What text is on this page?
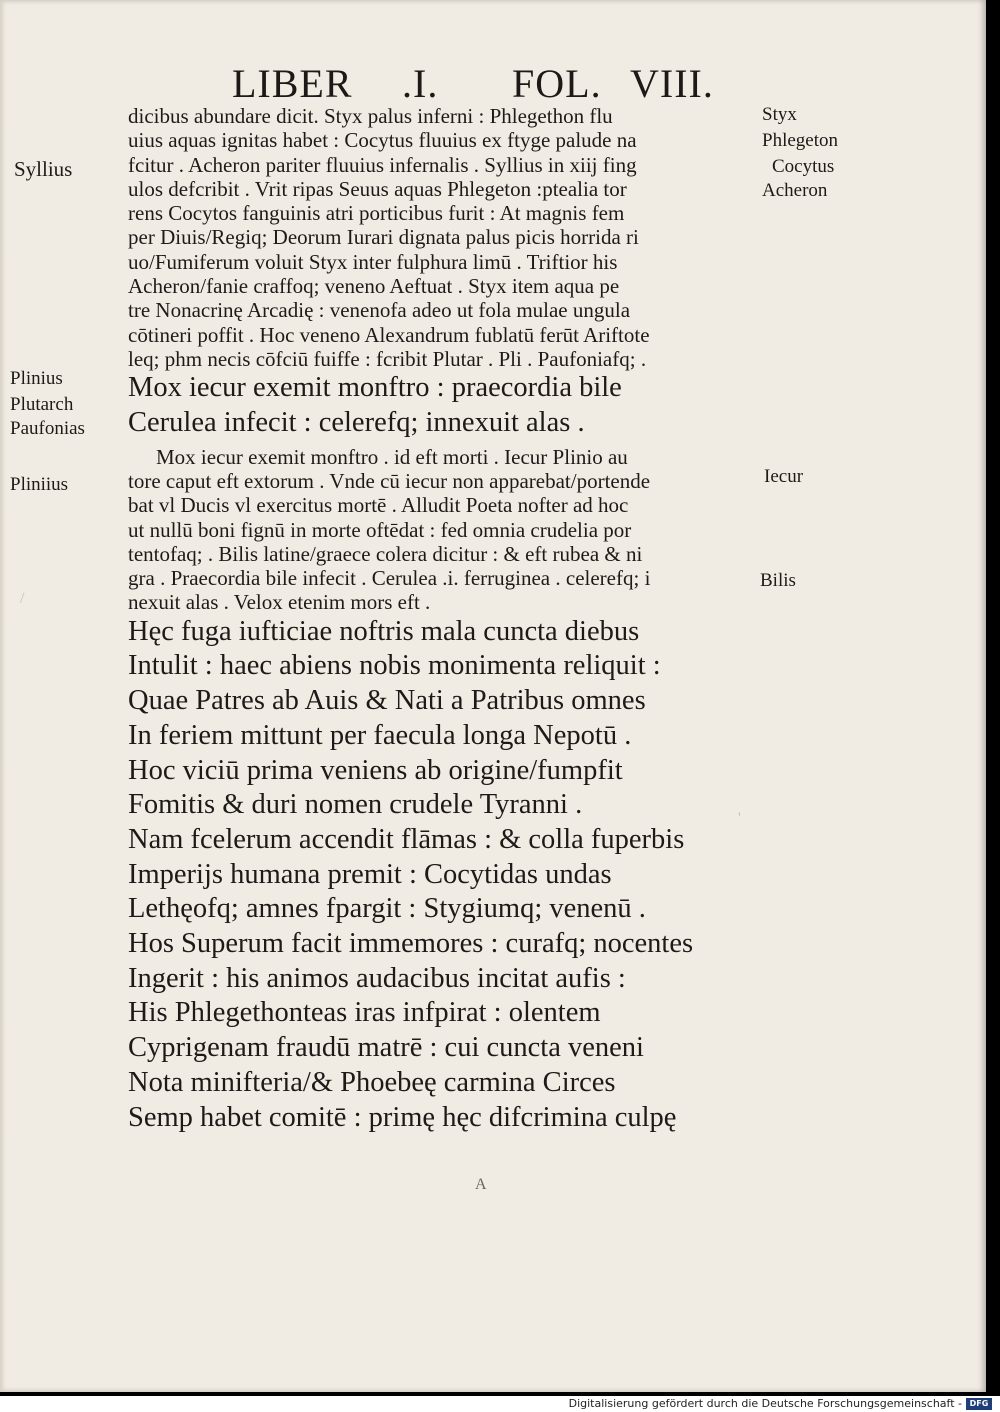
LIBER .I. FOL. VIII.
dicibus abundare dicit. Styx palus inferni : Phlegethon flu
uius aquas ignitas habet : Cocytus fluuius ex ftyge palude na
fcitur . Acheron pariter fluuius infernalis . Syllius in xiij fing
ulos defcribit . Vrit ripas Seuus aquas Phlegeton :ptealia tor
rens Cocytos fanguinis atri porticibus furit : At magnis fem
per Diuis/Regiq; Deorum Iurari dignata palus picis horrida ri
uo/Fumiferum voluit Styx inter fulphura limū . Triftior his
Acheron/fanie craffoq; veneno Aeftuat . Styx item aqua pe
tre Nonacrinę Arcadię : venenofa adeo ut fola mulae ungula
cōtineri poffit . Hoc veneno Alexandrum fublatū ferūt Ariftote
leq; phm necis cōfciū fuiffe : fcribit Plutar . Pli . Paufoniafq; .
Mox iecur exemit monftro : praecordia bile
Cerulea infecit : celerefq; innexuit alas .
Mox iecur exemit monftro . id eft morti . Iecur Plinio au
tore caput eft extorum . Vnde cū iecur non apparebat/portende
bat vl Ducis vl exercitus mortē . Alludit Poeta nofter ad hoc
ut nullū boni fignū in morte oftēdat : fed omnia crudelia por
tentofaq; . Bilis latine/graece colera dicitur : & eft rubea & ni
gra . Praecordia bile infecit . Cerulea .i. ferruginea . celerefq; i
nexuit alas . Velox etenim mors eft .
Hęc fuga iufticiae noftris mala cuncta diebus
Intulit : haec abiens nobis monimenta reliquit :
Quae Patres ab Auis & Nati a Patribus omnes
In feriem mittunt per faecula longa Nepotū .
Hoc viciū prima veniens ab origine/fumpfit
Fomitis & duri nomen crudele Tyranni .
Nam fcelerum accendit flāmas : & colla fuperbis
Imperijs humana premit : Cocytidas undas
Lethęofq; amnes fpargit : Stygiumq; venenū .
Hos Superum facit immemores : curafq; nocentes
Ingerit : his animos audacibus incitat aufis :
His Phlegethonteas iras infpirat : olentem
Cyprigenam fraudū matrē : cui cuncta veneni
Nota minifteria/& Phoebeę carmina Circes
Semp habet comitē : primę hęc difcrimina culpę
Syllius
Plinius
Plutarch
Paufonias
Pliniius
Styx
Phlegeton
Cocytus
Acheron
Iecur
Bilis
'
/
A
Digitalisierung gefördert durch die Deutsche Forschungsgemeinschaft - DFG
